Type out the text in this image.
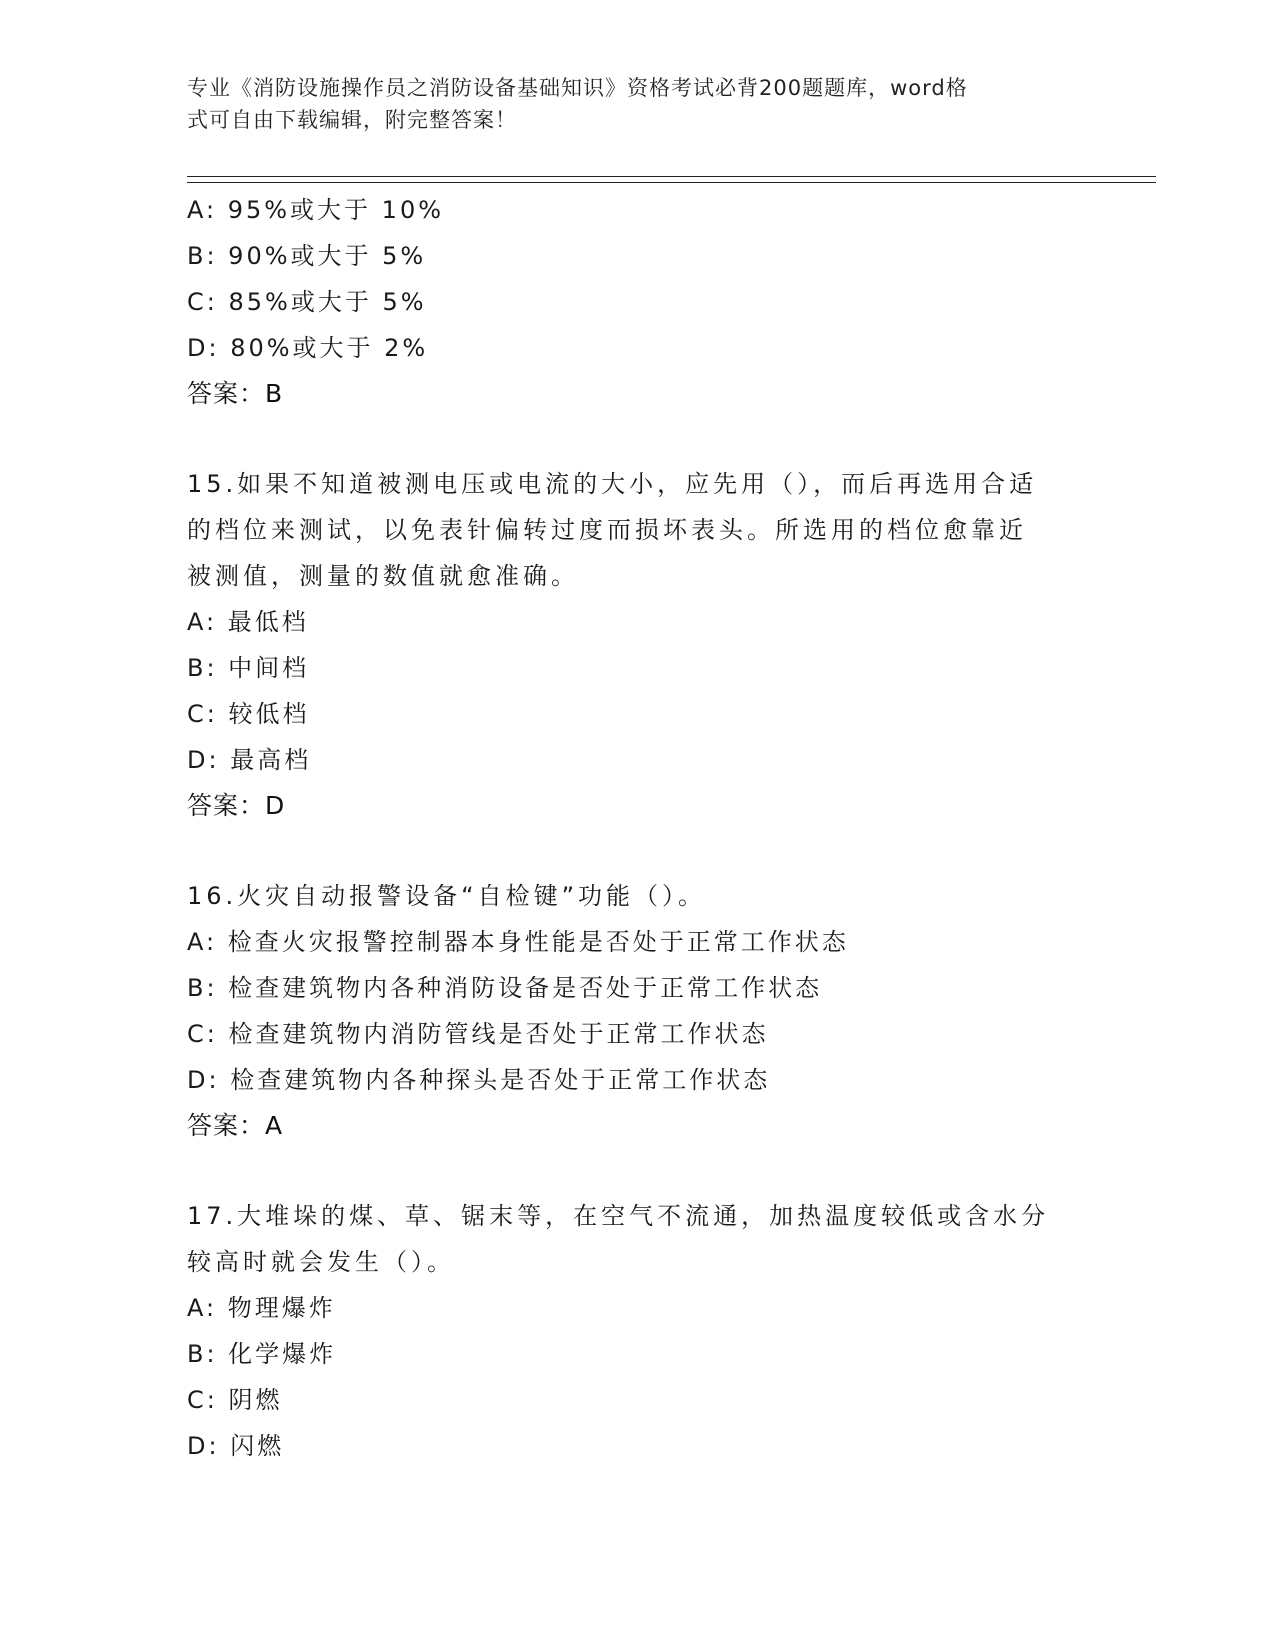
专业《消防设施操作员之消防设备基础知识》资格考试必背200题题库，word格
式可自由下载编辑，附完整答案！
A: 95%或大于 10%
B: 90%或大于 5%
C: 85%或大于 5%
D: 80%或大于 2%
答案：B
15.如果不知道被测电压或电流的大小，应先用（），而后再选用合适
的档位来测试，以免表针偏转过度而损坏表头。所选用的档位愈靠近
被测值，测量的数值就愈准确。
A: 最低档
B: 中间档
C: 较低档
D: 最高档
答案：D
16.火灾自动报警设备“自检键”功能（）。
A: 检查火灾报警控制器本身性能是否处于正常工作状态
B: 检查建筑物内各种消防设备是否处于正常工作状态
C: 检查建筑物内消防管线是否处于正常工作状态
D: 检查建筑物内各种探头是否处于正常工作状态
答案：A
17.大堆垛的煤、草、锯末等，在空气不流通，加热温度较低或含水分
较高时就会发生（）。
A: 物理爆炸
B: 化学爆炸
C: 阴燃
D: 闪燃
